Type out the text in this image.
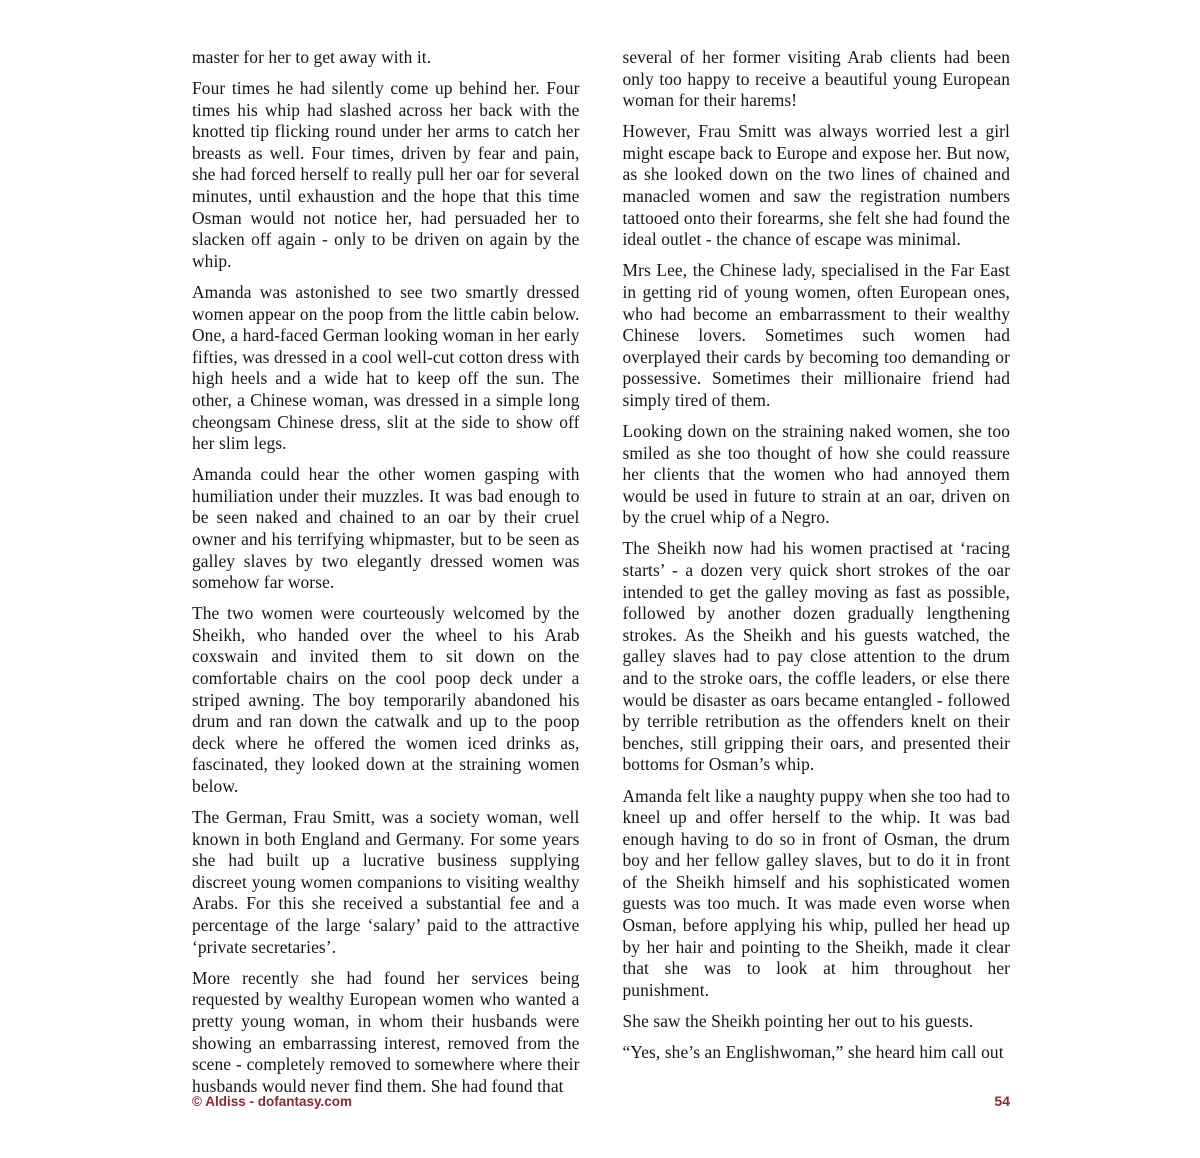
master for her to get away with it.

Four times he had silently come up behind her. Four times his whip had slashed across her back with the knotted tip flicking round under her arms to catch her breasts as well. Four times, driven by fear and pain, she had forced herself to really pull her oar for several minutes, until exhaustion and the hope that this time Osman would not notice her, had persuaded her to slacken off again - only to be driven on again by the whip.

Amanda was astonished to see two smartly dressed women appear on the poop from the little cabin below. One, a hard-faced German looking woman in her early fifties, was dressed in a cool well-cut cotton dress with high heels and a wide hat to keep off the sun. The other, a Chinese woman, was dressed in a simple long cheongsam Chinese dress, slit at the side to show off her slim legs.

Amanda could hear the other women gasping with humiliation under their muzzles. It was bad enough to be seen naked and chained to an oar by their cruel owner and his terrifying whipmaster, but to be seen as galley slaves by two elegantly dressed women was somehow far worse.

The two women were courteously welcomed by the Sheikh, who handed over the wheel to his Arab coxswain and invited them to sit down on the comfortable chairs on the cool poop deck under a striped awning. The boy temporarily abandoned his drum and ran down the catwalk and up to the poop deck where he offered the women iced drinks as, fascinated, they looked down at the straining women below.

The German, Frau Smitt, was a society woman, well known in both England and Germany. For some years she had built up a lucrative business supplying discreet young women companions to visiting wealthy Arabs. For this she received a substantial fee and a percentage of the large ‘salary’ paid to the attractive ‘private secretaries’.

More recently she had found her services being requested by wealthy European women who wanted a pretty young woman, in whom their husbands were showing an embarrassing interest, removed from the scene - completely removed to somewhere where their husbands would never find them. She had found that

several of her former visiting Arab clients had been only too happy to receive a beautiful young European woman for their harems!

However, Frau Smitt was always worried lest a girl might escape back to Europe and expose her. But now, as she looked down on the two lines of chained and manacled women and saw the registration numbers tattooed onto their forearms, she felt she had found the ideal outlet - the chance of escape was minimal.

Mrs Lee, the Chinese lady, specialised in the Far East in getting rid of young women, often European ones, who had become an embarrassment to their wealthy Chinese lovers. Sometimes such women had overplayed their cards by becoming too demanding or possessive. Sometimes their millionaire friend had simply tired of them.

Looking down on the straining naked women, she too smiled as she too thought of how she could reassure her clients that the women who had annoyed them would be used in future to strain at an oar, driven on by the cruel whip of a Negro.

The Sheikh now had his women practised at ‘racing starts’ - a dozen very quick short strokes of the oar intended to get the galley moving as fast as possible, followed by another dozen gradually lengthening strokes. As the Sheikh and his guests watched, the galley slaves had to pay close attention to the drum and to the stroke oars, the coffle leaders, or else there would be disaster as oars became entangled - followed by terrible retribution as the offenders knelt on their benches, still gripping their oars, and presented their bottoms for Osman’s whip.

Amanda felt like a naughty puppy when she too had to kneel up and offer herself to the whip. It was bad enough having to do so in front of Osman, the drum boy and her fellow galley slaves, but to do it in front of the Sheikh himself and his sophisticated women guests was too much. It was made even worse when Osman, before applying his whip, pulled her head up by her hair and pointing to the Sheikh, made it clear that she was to look at him throughout her punishment.

She saw the Sheikh pointing her out to his guests.

“Yes, she’s an Englishwoman,” she heard him call out

© Aldiss - dofantasy.com	54
